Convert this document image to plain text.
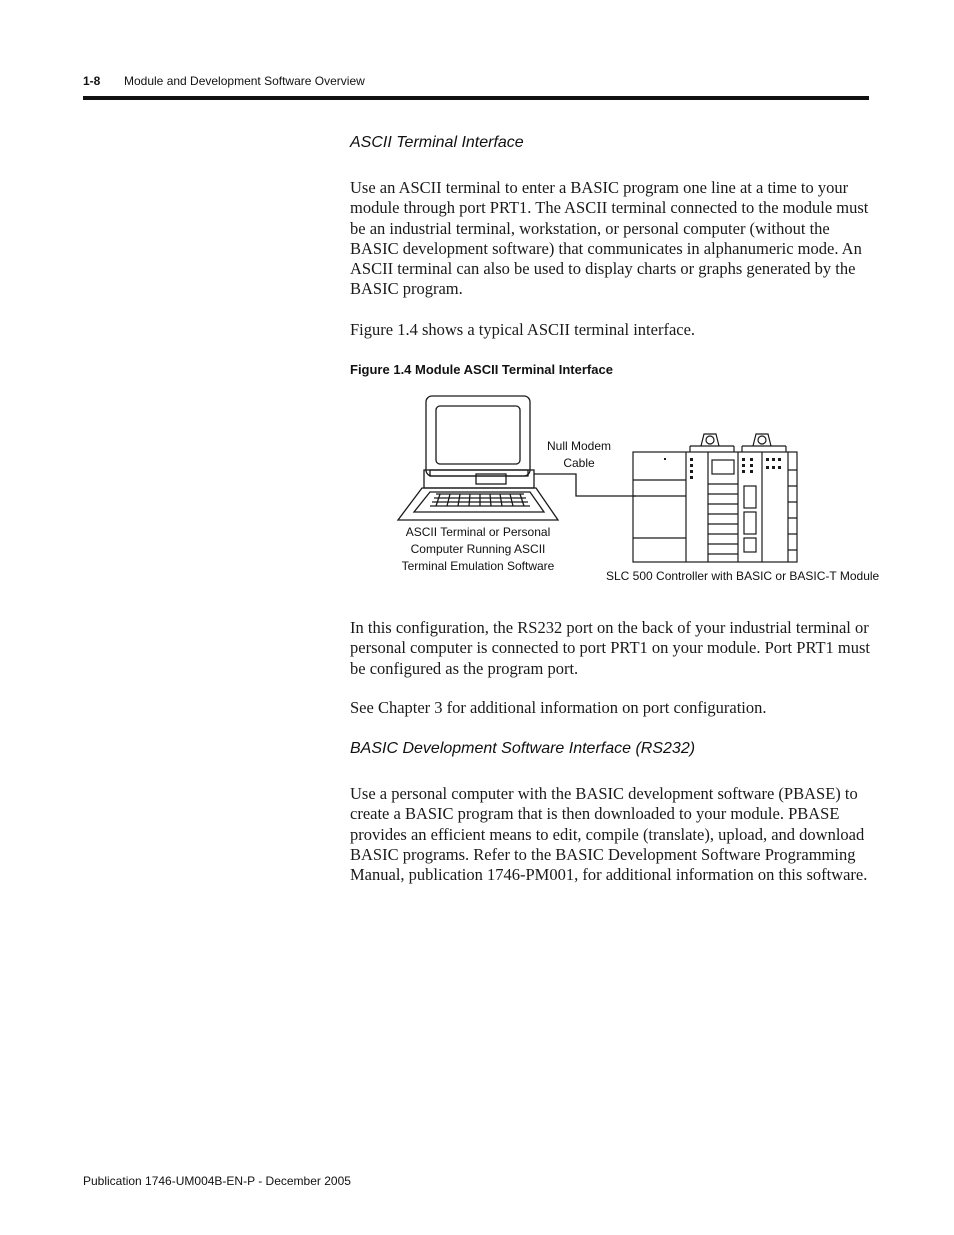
1-8 Module and Development Software Overview

ASCII Terminal Interface

Use an ASCII terminal to enter a BASIC program one line at a time to your module through port PRT1. The ASCII terminal connected to the module must be an industrial terminal, workstation, or personal computer (without the BASIC development software) that communicates in alphanumeric mode. An ASCII terminal can also be used to display charts or graphs generated by the BASIC program.

Figure 1.4 shows a typical ASCII terminal interface.

Figure 1.4 Module ASCII Terminal Interface

Null Modem
Cable
ASCII Terminal or Personal
Computer Running ASCII
Terminal Emulation Software
SLC 500 Controller with BASIC or BASIC-T Module

In this configuration, the RS232 port on the back of your industrial terminal or personal computer is connected to port PRT1 on your module. Port PRT1 must be configured as the program port.

See Chapter 3 for additional information on port configuration.

BASIC Development Software Interface (RS232)

Use a personal computer with the BASIC development software (PBASE) to create a BASIC program that is then downloaded to your module. PBASE provides an efficient means to edit, compile (translate), upload, and download BASIC programs. Refer to the BASIC Development Software Programming Manual, publication 1746-PM001, for additional information on this software.

Publication 1746-UM004B-EN-P - December 2005
